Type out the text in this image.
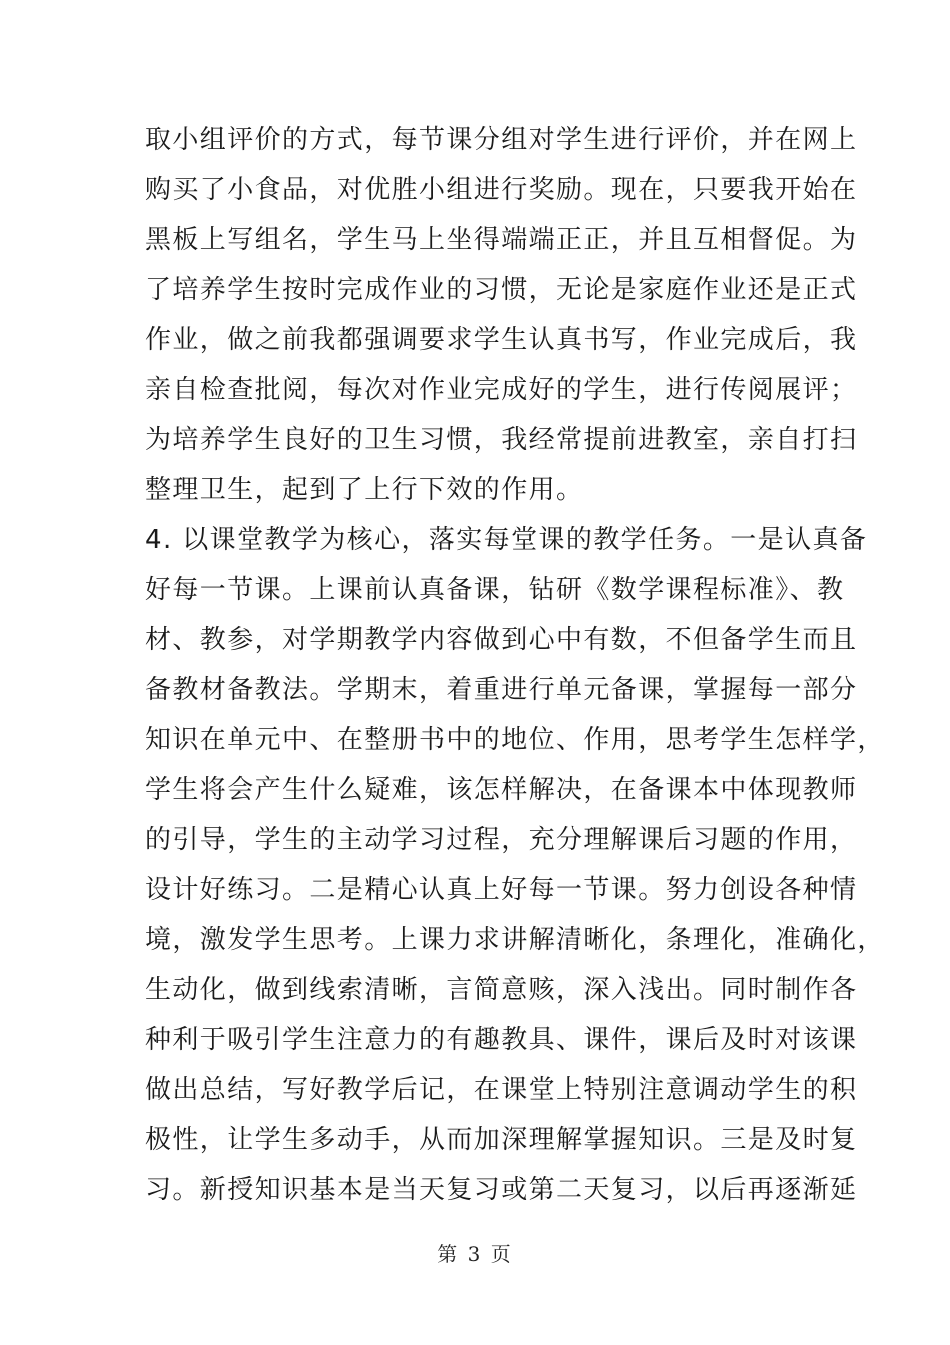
取小组评价的方式，每节课分组对学生进行评价，并在网上
购买了小食品，对优胜小组进行奖励。现在，只要我开始在
黑板上写组名，学生马上坐得端端正正，并且互相督促。为
了培养学生按时完成作业的习惯，无论是家庭作业还是正式
作业，做之前我都强调要求学生认真书写，作业完成后，我
亲自检查批阅，每次对作业完成好的学生，进行传阅展评；
为培养学生良好的卫生习惯，我经常提前进教室，亲自打扫
整理卫生，起到了上行下效的作用。
4. 以课堂教学为核心，落实每堂课的教学任务。一是认真备
好每一节课。上课前认真备课，钻研《数学课程标准》、教
材、教参，对学期教学内容做到心中有数，不但备学生而且
备教材备教法。学期末，着重进行单元备课，掌握每一部分
知识在单元中、在整册书中的地位、作用，思考学生怎样学，
学生将会产生什么疑难，该怎样解决，在备课本中体现教师
的引导，学生的主动学习过程，充分理解课后习题的作用，
设计好练习。二是精心认真上好每一节课。努力创设各种情
境，激发学生思考。上课力求讲解清晰化，条理化，准确化，
生动化，做到线索清晰，言简意赅，深入浅出。同时制作各
种利于吸引学生注意力的有趣教具、课件，课后及时对该课
做出总结，写好教学后记，在课堂上特别注意调动学生的积
极性，让学生多动手，从而加深理解掌握知识。三是及时复
习。新授知识基本是当天复习或第二天复习，以后再逐渐延
第 3 页
